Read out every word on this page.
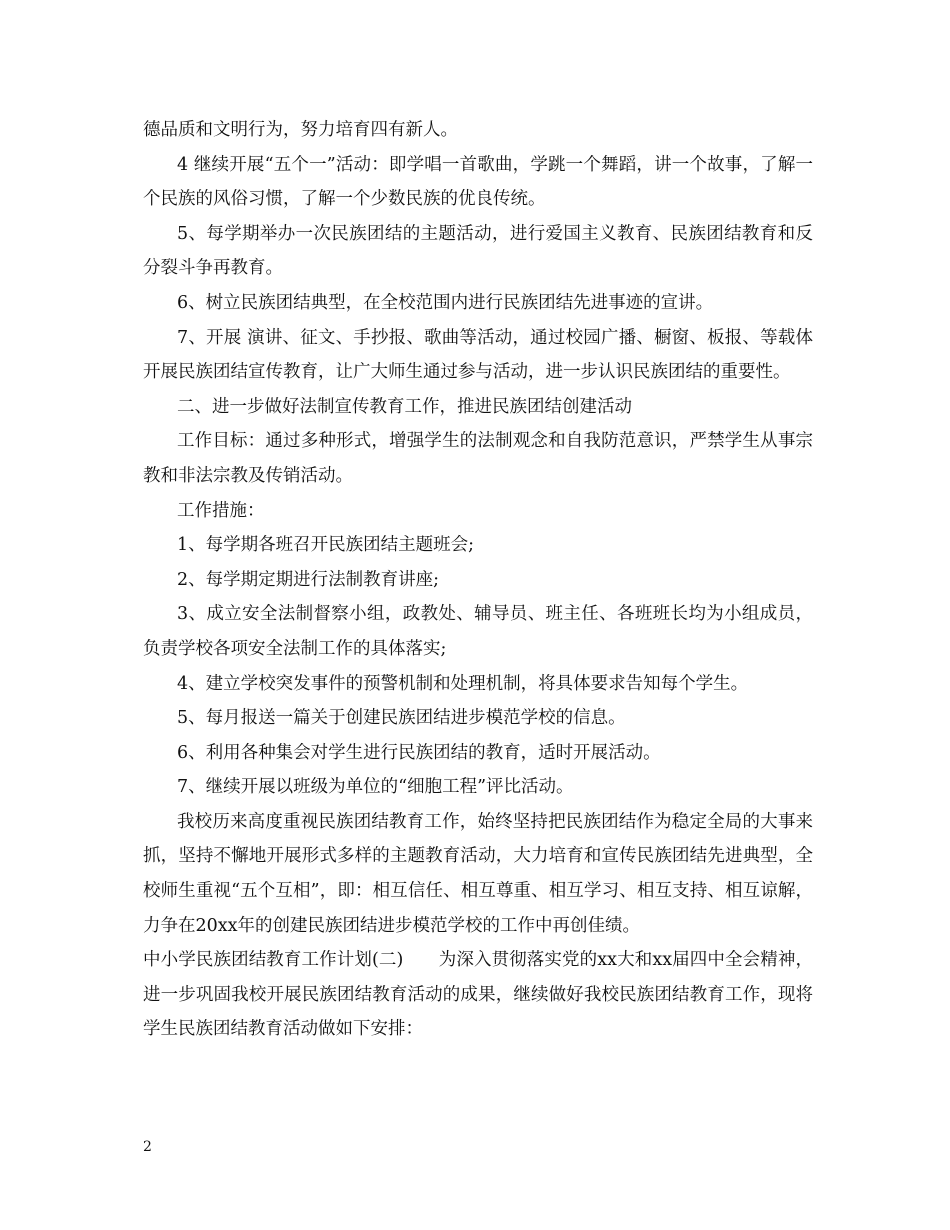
德品质和文明行为，努力培育四有新人。

4 继续开展“五个一”活动：即学唱一首歌曲，学跳一个舞蹈，讲一个故事，了解一个民族的风俗习惯，了解一个少数民族的优良传统。

5、每学期举办一次民族团结的主题活动，进行爱国主义教育、民族团结教育和反分裂斗争再教育。

6、树立民族团结典型，在全校范围内进行民族团结先进事迹的宣讲。

7、开展 演讲、征文、手抄报、歌曲等活动，通过校园广播、橱窗、板报、等载体开展民族团结宣传教育，让广大师生通过参与活动，进一步认识民族团结的重要性。

二、进一步做好法制宣传教育工作，推进民族团结创建活动

工作目标：通过多种形式，增强学生的法制观念和自我防范意识，严禁学生从事宗教和非法宗教及传销活动。

工作措施：

1、每学期各班召开民族团结主题班会;

2、每学期定期进行法制教育讲座;

3、成立安全法制督察小组，政教处、辅导员、班主任、各班班长均为小组成员，负责学校各项安全法制工作的具体落实;

4、建立学校突发事件的预警机制和处理机制，将具体要求告知每个学生。

5、每月报送一篇关于创建民族团结进步模范学校的信息。

6、利用各种集会对学生进行民族团结的教育，适时开展活动。

7、继续开展以班级为单位的“细胞工程”评比活动。

我校历来高度重视民族团结教育工作，始终坚持把民族团结作为稳定全局的大事来抓，坚持不懈地开展形式多样的主题教育活动，大力培育和宣传民族团结先进典型，全校师生重视“五个互相”，即：相互信任、相互尊重、相互学习、相互支持、相互谅解，力争在20xx年的创建民族团结进步模范学校的工作中再创佳绩。

中小学民族团结教育工作计划(二)　　为深入贯彻落实党的xx大和xx届四中全会精神，进一步巩固我校开展民族团结教育活动的成果，继续做好我校民族团结教育工作，现将学生民族团结教育活动做如下安排：

2
